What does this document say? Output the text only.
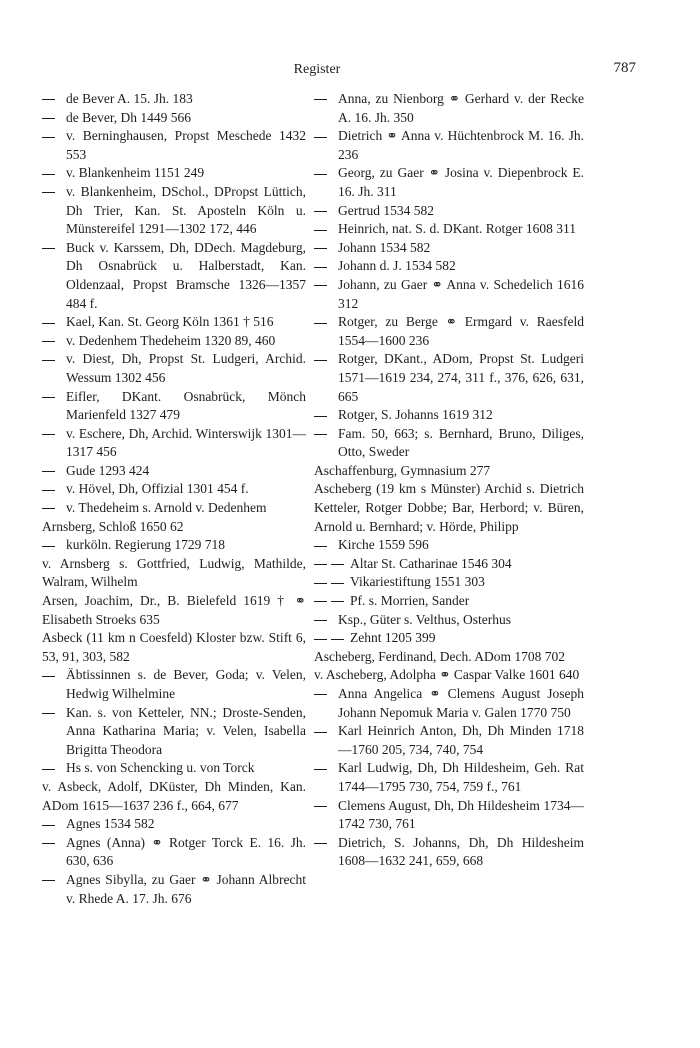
Register	787
de Bever A. 15. Jh. 183
de Bever, Dh 1449 566
v. Berninghausen, Propst Meschede 1432 553
v. Blankenheim 1151 249
v. Blankenheim, DSchol., DPropst Lüttich, Dh Trier, Kan. St. Aposteln Köln u. Münstereifel 1291—1302 172, 446
Buck v. Karssem, Dh, DDech. Magdeburg, Dh Osnabrück u. Halberstadt, Kan. Oldenzaal, Propst Bramsche 1326—1357 484 f.
Kael, Kan. St. Georg Köln 1361 † 516
v. Dedenhem Thedeheim 1320 89, 460
v. Diest, Dh, Propst St. Ludgeri, Archid. Wessum 1302 456
Eifler, DKant. Osnabrück, Mönch Marienfeld 1327 479
v. Eschere, Dh, Archid. Winterswijk 1301—1317 456
Gude 1293 424
v. Hövel, Dh, Offizial 1301 454 f.
v. Thedeheim s. Arnold v. Dedenhem
Arnsberg, Schloß 1650 62
kurköln. Regierung 1729 718
v. Arnsberg s. Gottfried, Ludwig, Mathilde, Walram, Wilhelm
Arsen, Joachim, Dr., B. Bielefeld 1619 † ⚭ Elisabeth Stroeks 635
Asbeck (11 km n Coesfeld) Kloster bzw. Stift 6, 53, 91, 303, 582
Äbtissinnen s. de Bever, Goda; v. Velen, Hedwig Wilhelmine
Kan. s. von Ketteler, NN.; Droste-Senden, Anna Katharina Maria; v. Velen, Isabella Brigitta Theodora
Hs s. von Schencking u. von Torck
v. Asbeck, Adolf, DKüster, Dh Minden, Kan. ADom 1615—1637 236 f., 664, 677
Agnes 1534 582
Agnes (Anna) ⚭ Rotger Torck E. 16. Jh. 630, 636
Agnes Sibylla, zu Gaer ⚭ Johann Albrecht v. Rhede A. 17. Jh. 676
Anna, zu Nienborg ⚭ Gerhard v. der Recke A. 16. Jh. 350
Dietrich ⚭ Anna v. Hüchtenbrock M. 16. Jh. 236
Georg, zu Gaer ⚭ Josina v. Diepenbrock E. 16. Jh. 311
Gertrud 1534 582
Heinrich, nat. S. d. DKant. Rotger 1608 311
Johann 1534 582
Johann d. J. 1534 582
Johann, zu Gaer ⚭ Anna v. Schedelich 1616 312
Rotger, zu Berge ⚭ Ermgard v. Raesfeld 1554—1600 236
Rotger, DKant., ADom, Propst St. Ludgeri 1571—1619 234, 274, 311 f., 376, 626, 631, 665
Rotger, S. Johanns 1619 312
Fam. 50, 663; s. Bernhard, Bruno, Diliges, Otto, Sweder
Aschaffenburg, Gymnasium 277
Ascheberg (19 km s Münster) Archid s. Dietrich Ketteler, Rotger Dobbe; Bar, Herbord; v. Büren, Arnold u. Bernhard; v. Hörde, Philipp
Kirche 1559 596
Altar St. Catharinae 1546 304
Vikariestiftung 1551 303
Pf. s. Morrien, Sander
Ksp., Güter s. Velthus, Osterhus
Zehnt 1205 399
Ascheberg, Ferdinand, Dech. ADom 1708 702
v. Ascheberg, Adolpha ⚭ Caspar Valke 1601 640
Anna Angelica ⚭ Clemens August Joseph Johann Nepomuk Maria v. Galen 1770 750
Karl Heinrich Anton, Dh, Dh Minden 1718—1760 205, 734, 740, 754
Karl Ludwig, Dh, Dh Hildesheim, Geh. Rat 1744—1795 730, 754, 759 f., 761
Clemens August, Dh, Dh Hildesheim 1734—1742 730, 761
Dietrich, S. Johanns, Dh, Dh Hildesheim 1608—1632 241, 659, 668
